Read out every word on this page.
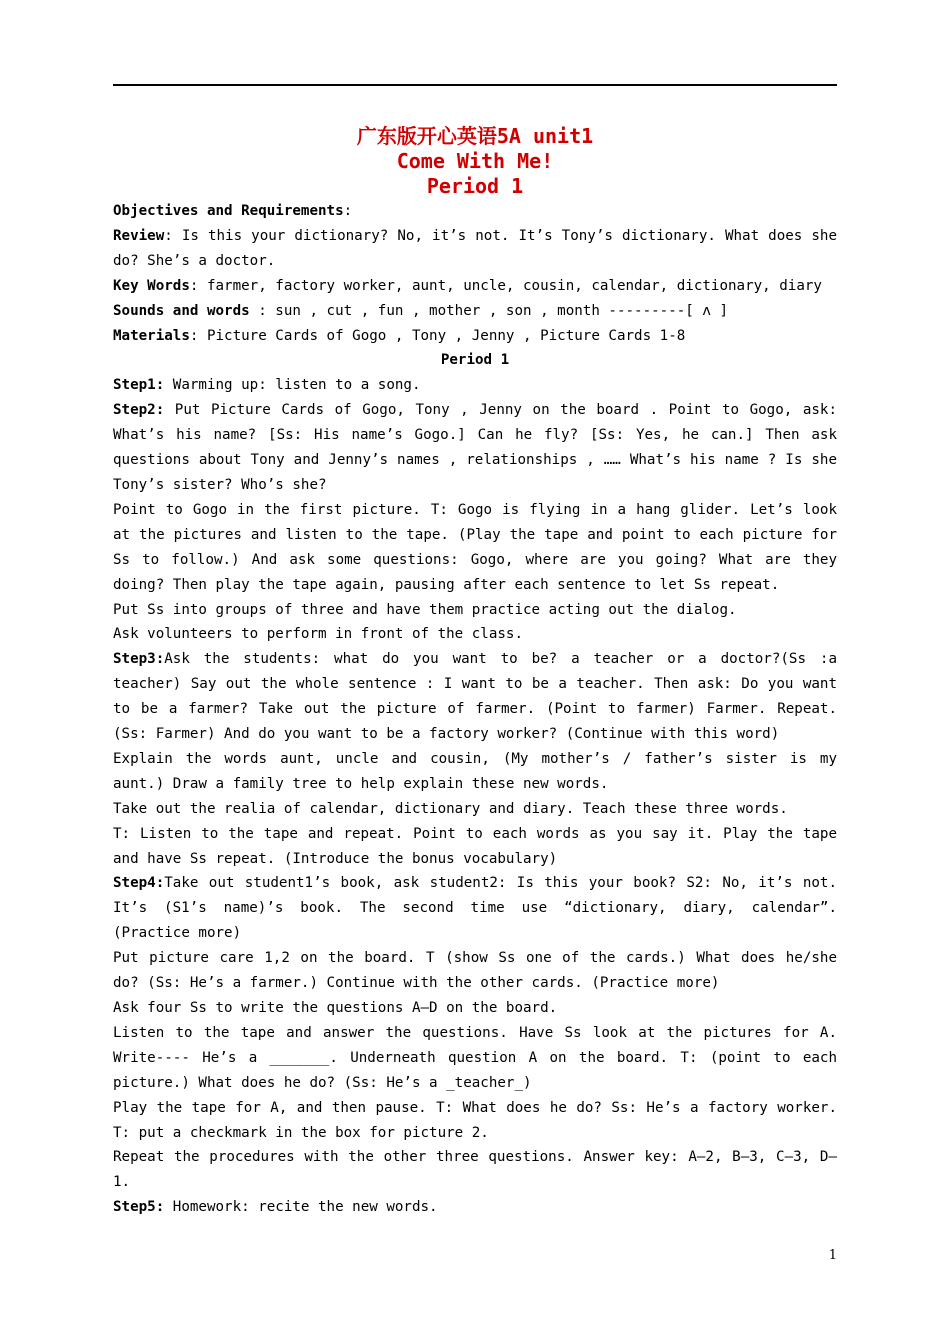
广东版开心英语5A unit1
Come With Me!
Period 1

Objectives and Requirements:

Review: Is this your dictionary? No, it’s not. It’s Tony’s dictionary. What does she do? She’s a doctor.

Key Words: farmer, factory worker, aunt, uncle, cousin, calendar, dictionary, diary

Sounds and words : sun , cut , fun , mother , son , month ---------[ ʌ ]

Materials: Picture Cards of Gogo , Tony , Jenny , Picture Cards 1-8

Period 1

Step1: Warming up: listen to a song.

Step2: Put Picture Cards of Gogo, Tony , Jenny on the board . Point to Gogo, ask: What’s his name? [Ss: His name’s Gogo.] Can he fly? [Ss: Yes, he can.] Then ask questions about Tony and Jenny’s names , relationships , …… What’s his name ? Is she Tony’s sister? Who’s she?

Point to Gogo in the first picture. T: Gogo is flying in a hang glider. Let’s look at the pictures and listen to the tape. (Play the tape and point to each picture for Ss to follow.) And ask some questions: Gogo, where are you going? What are they doing? Then play the tape again, pausing after each sentence to let Ss repeat.

Put Ss into groups of three and have them practice acting out the dialog.

Ask volunteers to perform in front of the class.

Step3:Ask the students: what do you want to be? a teacher or a doctor?(Ss :a teacher) Say out the whole sentence : I want to be a teacher. Then ask: Do you want to be a farmer? Take out the picture of farmer. (Point to farmer) Farmer. Repeat. (Ss: Farmer) And do you want to be a factory worker? (Continue with this word)

Explain the words aunt, uncle and cousin, (My mother’s / father’s sister is my aunt.) Draw a family tree to help explain these new words.

Take out the realia of calendar, dictionary and diary. Teach these three words.

T: Listen to the tape and repeat. Point to each words as you say it. Play the tape and have Ss repeat. (Introduce the bonus vocabulary)

Step4:Take out student1’s book, ask student2: Is this your book? S2: No, it’s not. It’s (S1’s name)’s book. The second time use “dictionary, diary, calendar”. (Practice more)

Put picture care 1,2 on the board. T (show Ss one of the cards.) What does he/she do? (Ss: He’s a farmer.) Continue with the other cards. (Practice more)

Ask four Ss to write the questions A—D on the board.

Listen to the tape and answer the questions. Have Ss look at the pictures for A. Write---- He’s a _______. Underneath question A on the board. T: (point to each picture.) What does he do? (Ss: He’s a _teacher_)

Play the tape for A, and then pause. T: What does he do? Ss: He’s a factory worker. T: put a checkmark in the box for picture 2.

Repeat the procedures with the other three questions. Answer key: A—2, B—3, C—3, D—1.

Step5: Homework: recite the new words.

1
